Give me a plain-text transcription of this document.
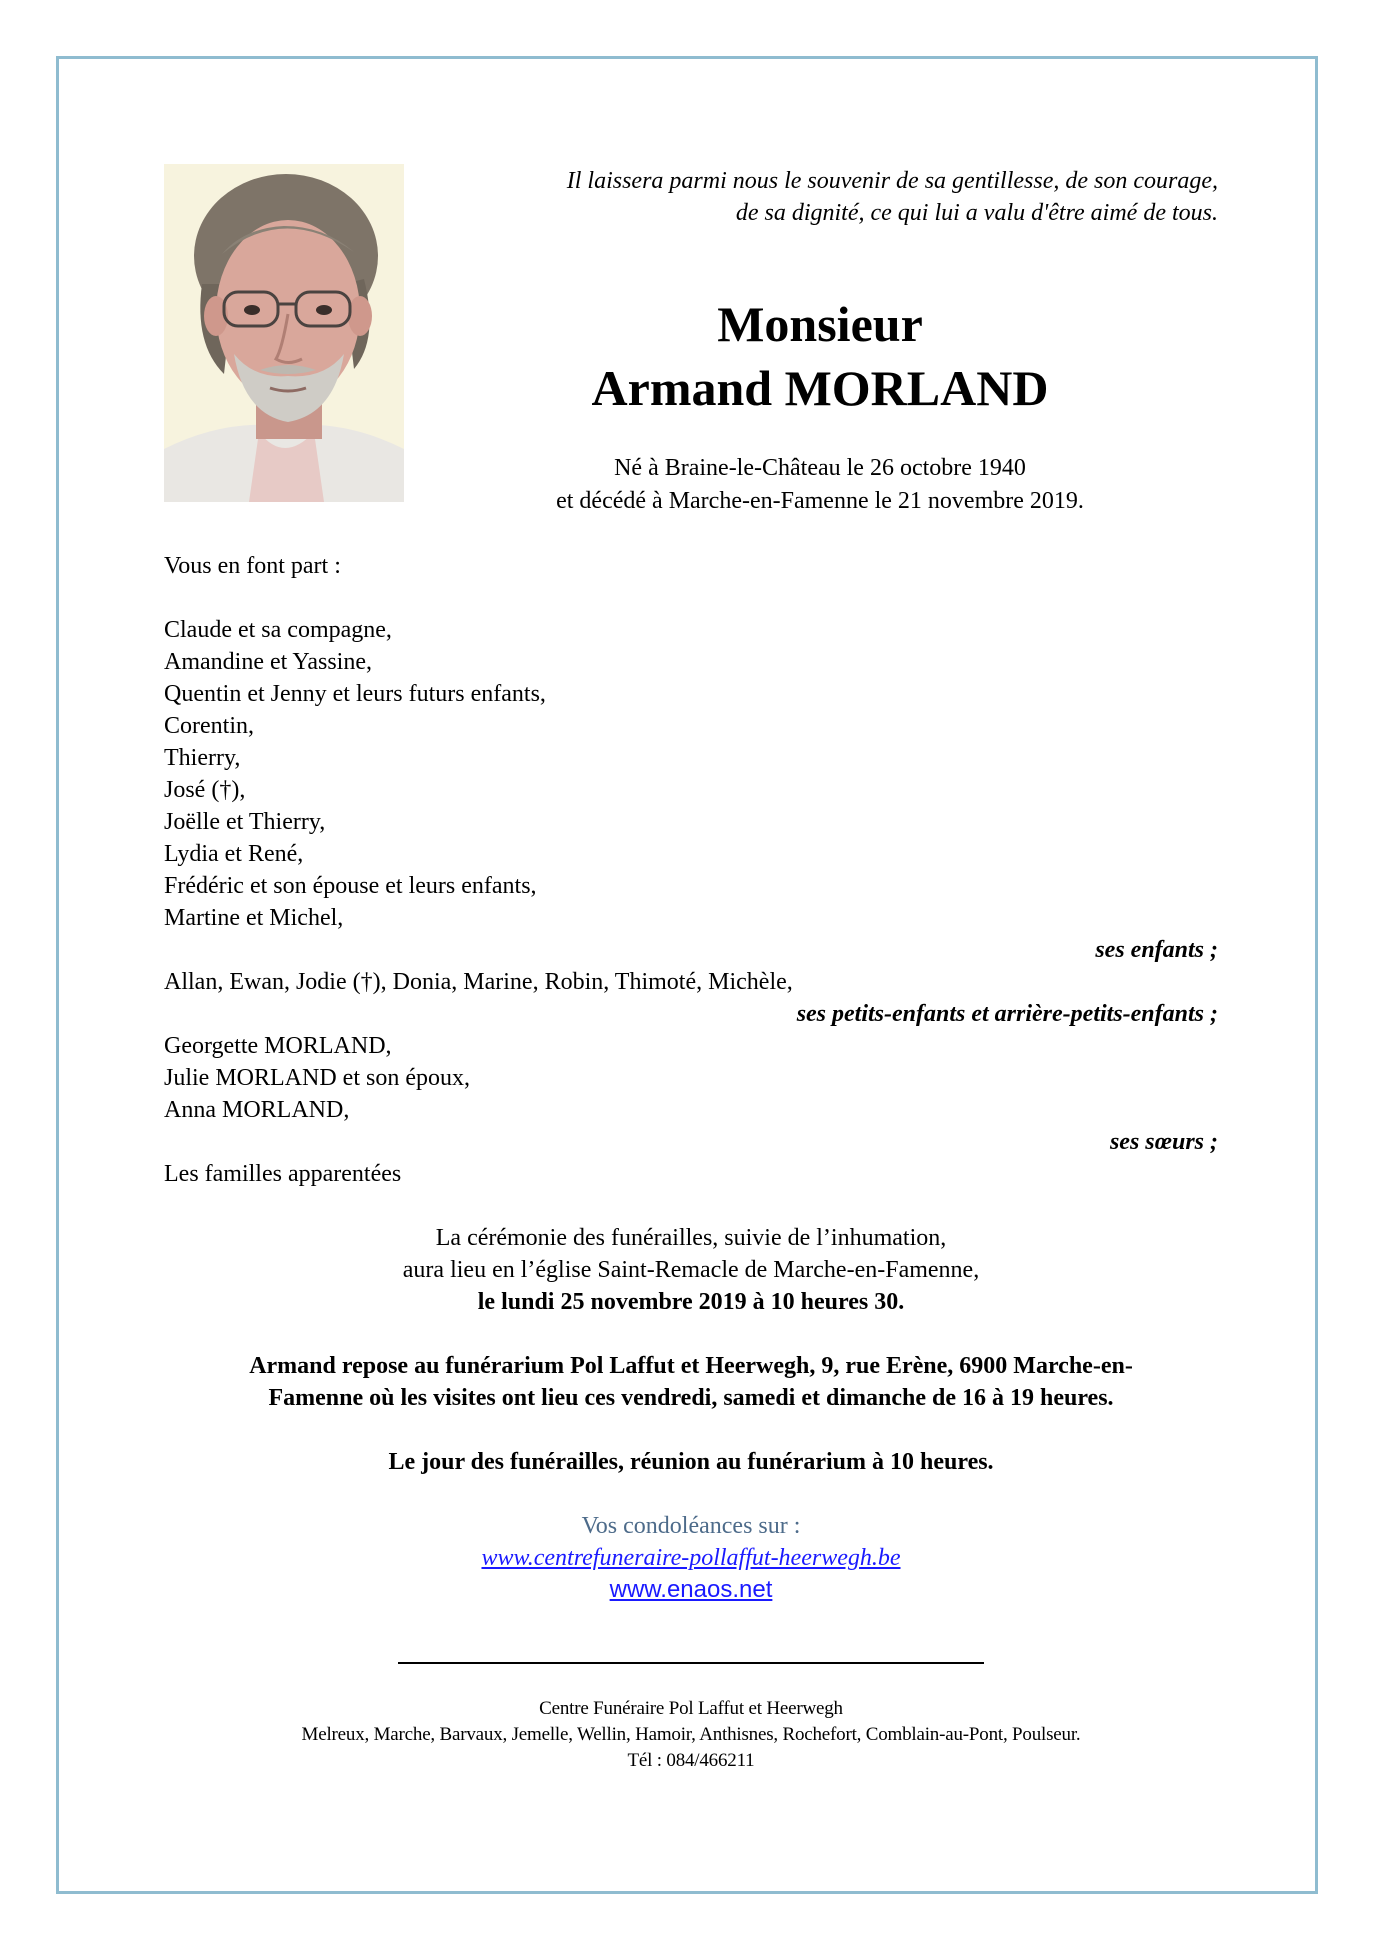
Il laissera parmi nous le souvenir de sa gentillesse, de son courage,
de sa dignité, ce qui lui a valu d'être aimé de tous.
Monsieur
Armand MORLAND
Né à Braine-le-Château le 26 octobre 1940
et décédé à Marche-en-Famenne le 21 novembre 2019.
Vous en font part :
Claude et sa compagne,
Amandine et Yassine,
Quentin et Jenny et leurs futurs enfants,
Corentin,
Thierry,
José (†),
Joëlle et Thierry,
Lydia et René,
Frédéric et son épouse et leurs enfants,
Martine et Michel,
ses enfants ;
Allan, Ewan, Jodie (†), Donia, Marine, Robin, Thimoté, Michèle,
ses petits-enfants et arrière-petits-enfants ;
Georgette MORLAND,
Julie MORLAND et son époux,
Anna MORLAND,
ses sœurs ;
Les familles apparentées
La cérémonie des funérailles, suivie de l’inhumation,
aura lieu en l’église Saint-Remacle de Marche-en-Famenne,
le lundi 25 novembre 2019 à 10 heures 30.
Armand repose au funérarium Pol Laffut et Heerwegh, 9, rue Erène, 6900 Marche-en-
Famenne où les visites ont lieu ces vendredi, samedi et dimanche de 16 à 19 heures.
Le jour des funérailles, réunion au funérarium à 10 heures.
Vos condoléances sur :
www.centrefuneraire-pollaffut-heerwegh.be
www.enaos.net
Centre Funéraire Pol Laffut et Heerwegh
Melreux, Marche, Barvaux, Jemelle, Wellin, Hamoir, Anthisnes, Rochefort, Comblain-au-Pont, Poulseur.
Tél : 084/466211
